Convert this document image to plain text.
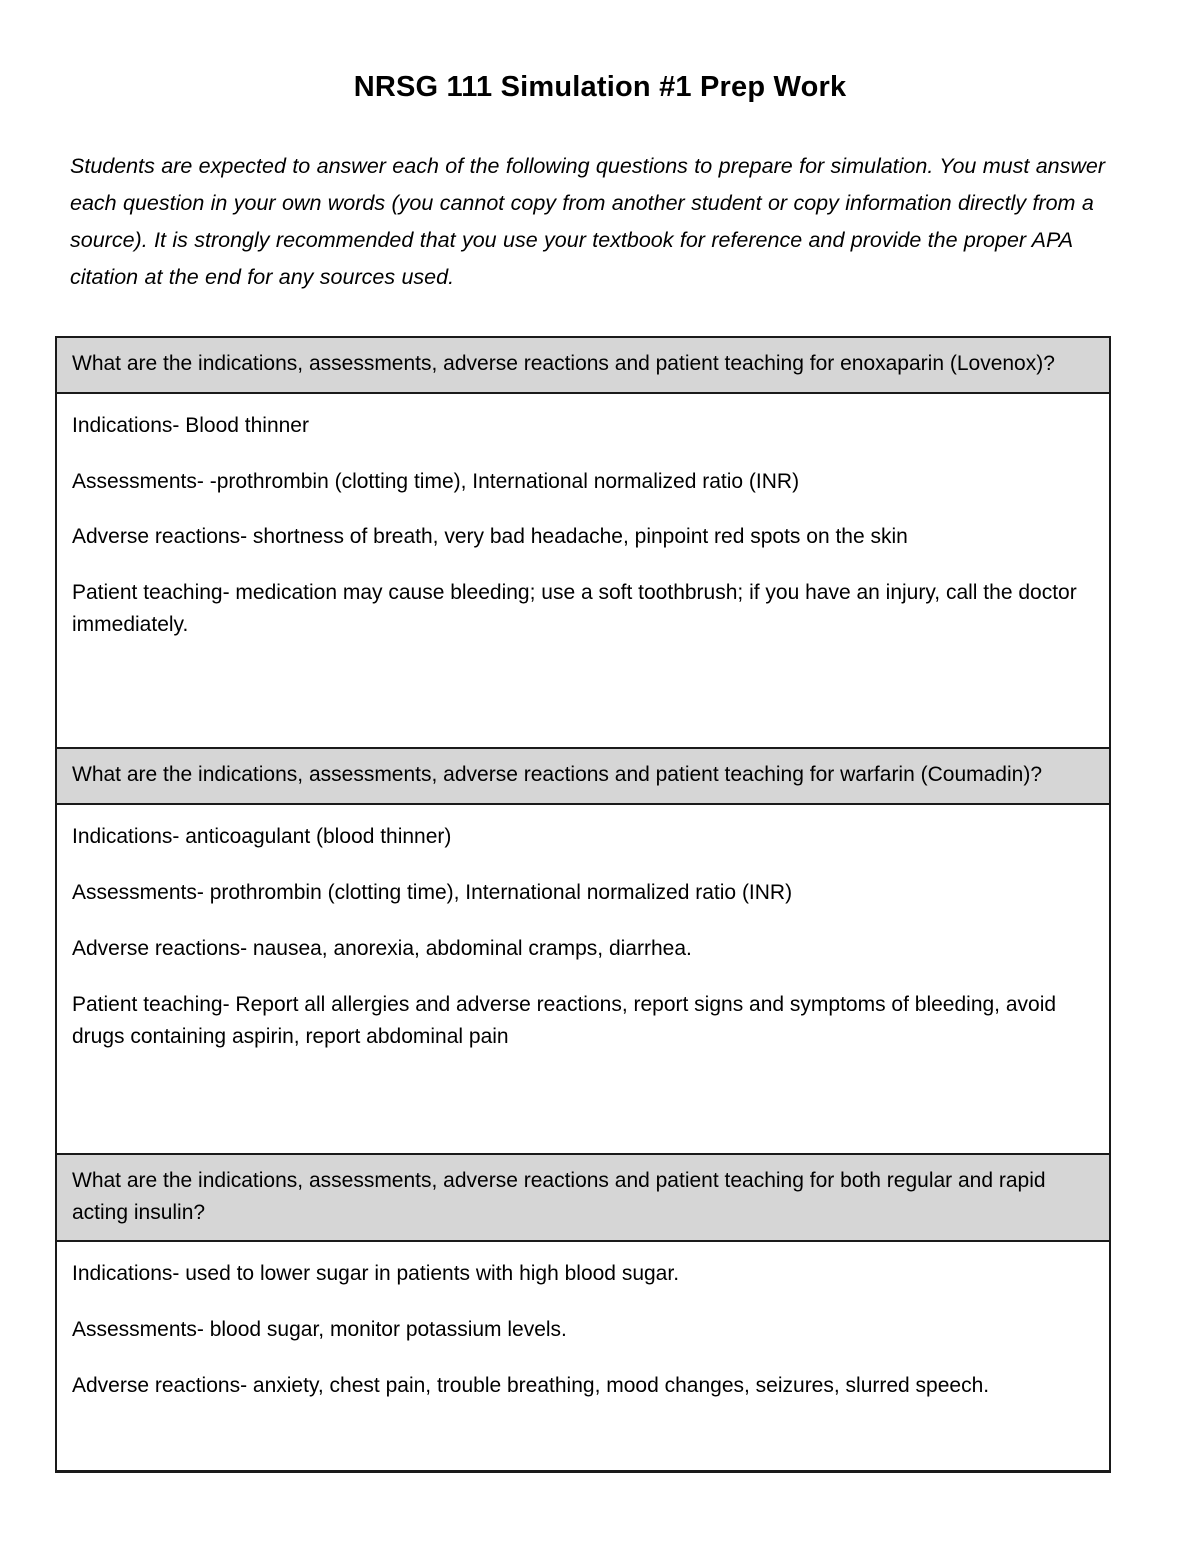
NRSG 111 Simulation #1 Prep Work

Students are expected to answer each of the following questions to prepare for simulation. You must answer each question in your own words (you cannot copy from another student or copy information directly from a source). It is strongly recommended that you use your textbook for reference and provide the proper APA citation at the end for any sources used.

What are the indications, assessments, adverse reactions and patient teaching for enoxaparin (Lovenox)?

Indications- Blood thinner

Assessments- -prothrombin (clotting time), International normalized ratio (INR)

Adverse reactions- shortness of breath, very bad headache, pinpoint red spots on the skin

Patient teaching- medication may cause bleeding; use a soft toothbrush; if you have an injury, call the doctor immediately.

What are the indications, assessments, adverse reactions and patient teaching for warfarin (Coumadin)?

Indications- anticoagulant (blood thinner)

Assessments- prothrombin (clotting time), International normalized ratio (INR)

Adverse reactions- nausea, anorexia, abdominal cramps, diarrhea.

Patient teaching- Report all allergies and adverse reactions, report signs and symptoms of bleeding, avoid drugs containing aspirin, report abdominal pain

What are the indications, assessments, adverse reactions and patient teaching for both regular and rapid acting insulin?

Indications- used to lower sugar in patients with high blood sugar.

Assessments- blood sugar, monitor potassium levels.

Adverse reactions- anxiety, chest pain, trouble breathing, mood changes, seizures, slurred speech.
